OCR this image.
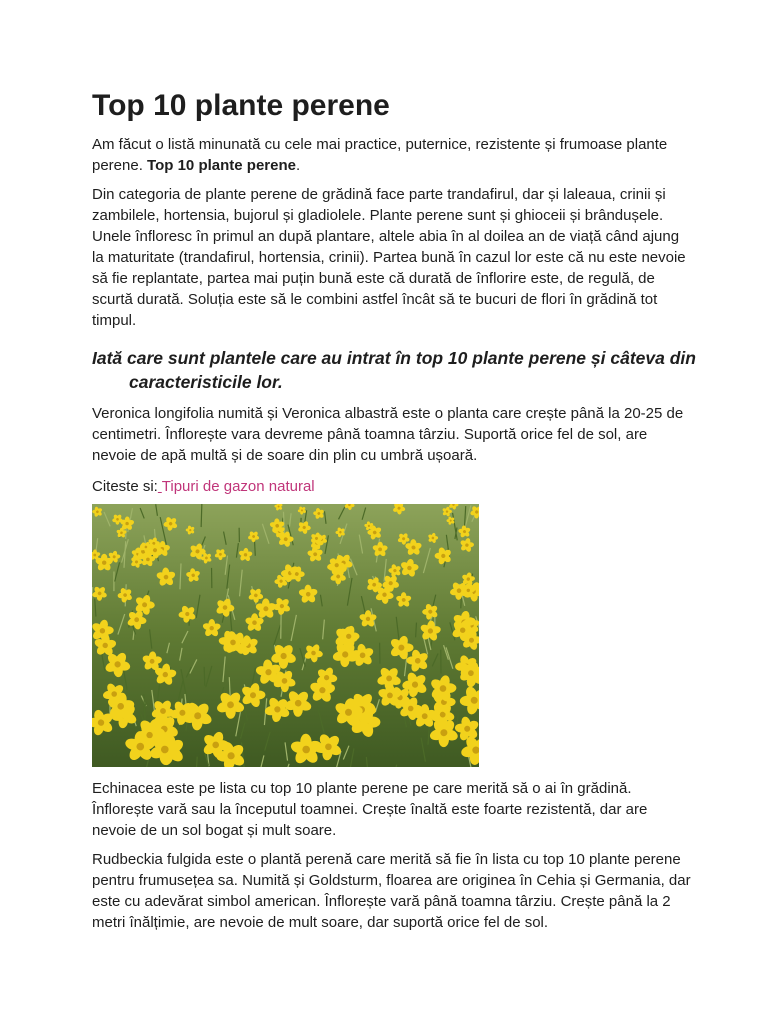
Top 10 plante perene

Am făcut o listă minunată cu cele mai practice, puternice, rezistente și frumoase plante perene. Top 10 plante perene.

Din categoria de plante perene de grădină face parte trandafirul, dar și laleaua, crinii și zambilele, hortensia, bujorul și gladiolele. Plante perene sunt și ghioceii și brândușele. Unele înfloresc în primul an după plantare, altele abia în al doilea an de viață când ajung la maturitate (trandafirul, hortensia, crinii). Partea bună în cazul lor este că nu este nevoie să fie replantate, partea mai puțin bună este că durată de înflorire este, de regulă, de scurtă durată. Soluția este să le combini astfel încât să te bucuri de flori în grădină tot timpul.

Iată care sunt plantele care au intrat în top 10 plante perene și câteva din caracteristicile lor.

Veronica longifolia numită și Veronica albastră este o planta care crește până la 20-25 de centimetri. Înflorește vara devreme până toamna târziu. Suportă orice fel de sol, are nevoie de apă multă și de soare din plin cu umbră ușoară.

Citeste si: Tipuri de gazon natural

Echinacea este pe lista cu top 10 plante perene pe care merită să o ai în grădină. Înflorește vară sau la începutul toamnei. Crește înaltă este foarte rezistentă, dar are nevoie de un sol bogat și mult soare.

Rudbeckia fulgida este o plantă perenă care merită să fie în lista cu top 10 plante perene pentru frumusețea sa. Numită și Goldsturm, floarea are originea în Cehia și Germania, dar este cu adevărat simbol american. Înflorește vară până toamna târziu. Crește până la 2 metri înălțimie, are nevoie de mult soare, dar suportă orice fel de sol.
